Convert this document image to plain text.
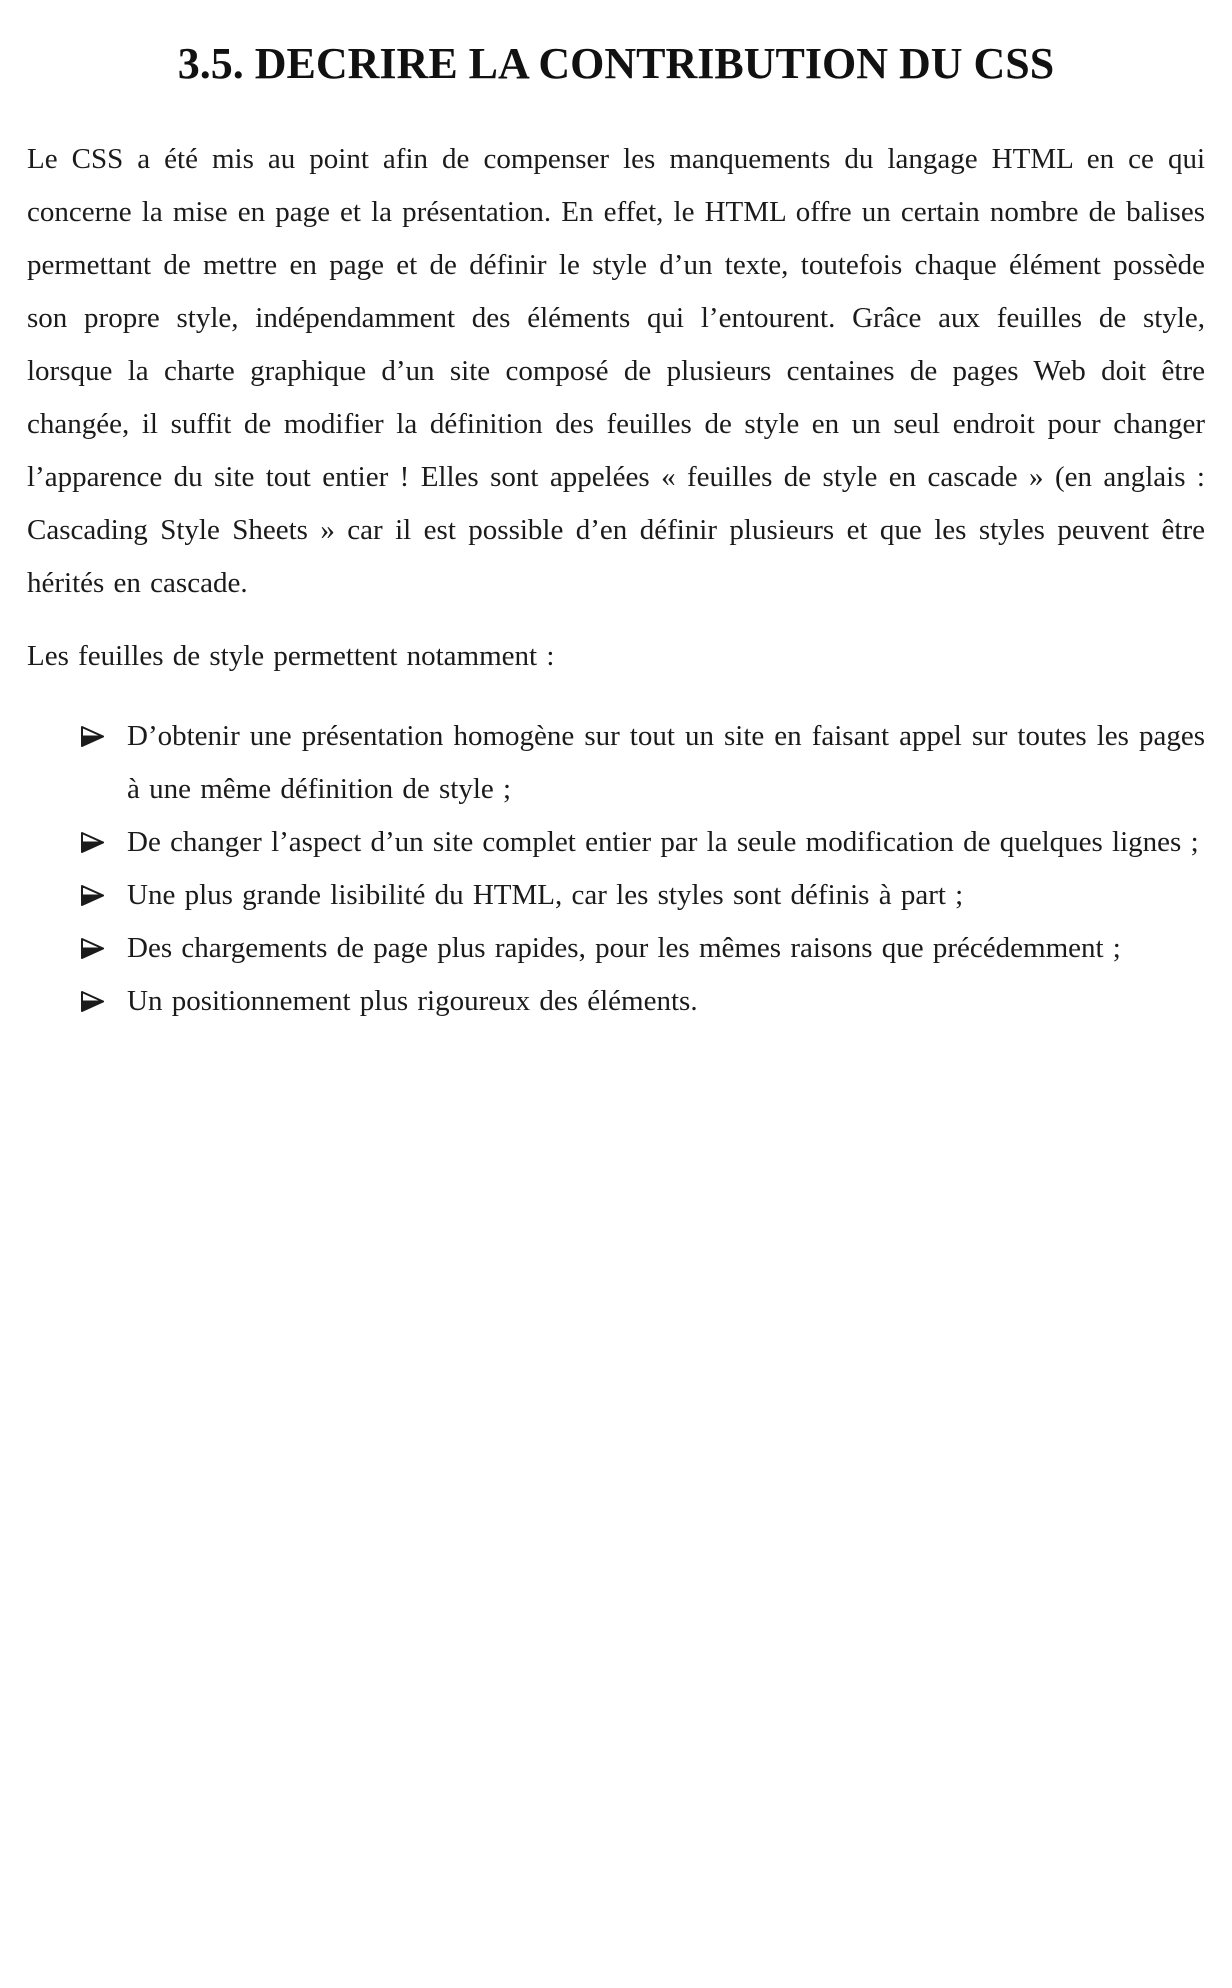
3.5. DECRIRE LA CONTRIBUTION DU CSS

Le CSS a été mis au point afin de compenser les manquements du langage HTML en ce qui concerne la mise en page et la présentation. En effet, le HTML offre un certain nombre de balises permettant de mettre en page et de définir le style d’un texte, toutefois chaque élément possède son propre style, indépendamment des éléments qui l’entourent. Grâce aux feuilles de style, lorsque la charte graphique d’un site composé de plusieurs centaines de pages Web doit être changée, il suffit de modifier la définition des feuilles de style en un seul endroit pour changer l’apparence du site tout entier ! Elles sont appelées « feuilles de style en cascade » (en anglais : Cascading Style Sheets » car il est possible d’en définir plusieurs et que les styles peuvent être hérités en cascade.

Les feuilles de style permettent notamment :

D’obtenir une présentation homogène sur tout un site en faisant appel sur toutes les pages à une même définition de style ;
De changer l’aspect d’un site complet entier par la seule modification de quelques lignes ;
Une plus grande lisibilité du HTML, car les styles sont définis à part ;
Des chargements de page plus rapides, pour les mêmes raisons que précédemment ;
Un positionnement plus rigoureux des éléments.
